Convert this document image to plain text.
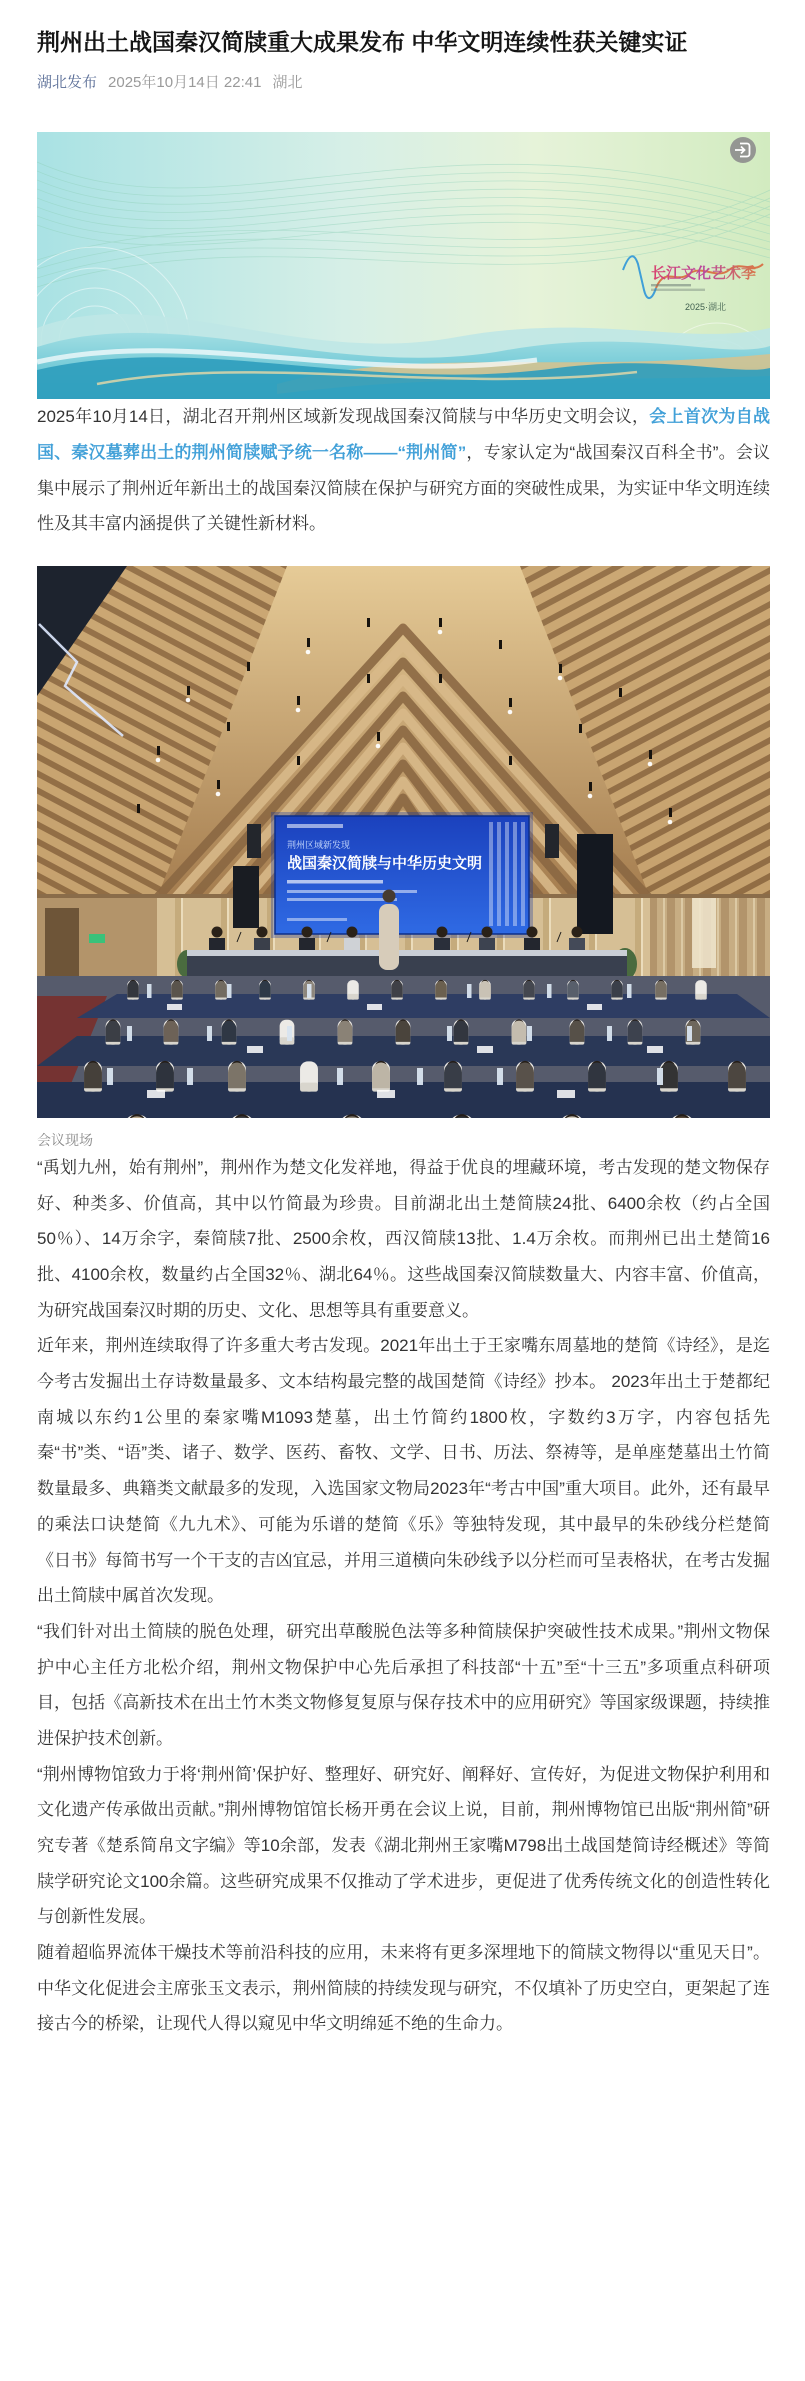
荆州出土战国秦汉简牍重大成果发布 中华文明连续性获关键实证
湖北发布 2025年10月14日 22:41 湖北
长江文化艺术季
2025·湖北

2025年10月14日，湖北召开荆州区域新发现战国秦汉简牍与中华历史文明会议，会上首次为自战国、秦汉墓葬出土的荆州简牍赋予统一名称——“荆州简”，专家认定为“战国秦汉百科全书”。会议集中展示了荆州近年新出土的战国秦汉简牍在保护与研究方面的突破性成果，为实证中华文明连续性及其丰富内涵提供了关键性新材料。

荆州区域新发现
战国秦汉简牍与中华历史文明
会议现场

“禹划九州，始有荆州”，荆州作为楚文化发祥地，得益于优良的埋藏环境，考古发现的楚文物保存好、种类多、价值高，其中以竹简最为珍贵。目前湖北出土楚简牍24批、6400余枚（约占全国50％）、14万余字，秦简牍7批、2500余枚，西汉简牍13批、1.4万余枚。而荆州已出土楚简16批、4100余枚，数量约占全国32％、湖北64％。这些战国秦汉简牍数量大、内容丰富、价值高，为研究战国秦汉时期的历史、文化、思想等具有重要意义。

近年来，荆州连续取得了许多重大考古发现。2021年出土于王家嘴东周墓地的楚简《诗经》，是迄今考古发掘出土存诗数量最多、文本结构最完整的战国楚简《诗经》抄本。 2023年出土于楚都纪南城以东约1公里的秦家嘴M1093楚墓，出土竹简约1800枚，字数约3万字，内容包括先秦“书”类、“语”类、诸子、数学、医药、畜牧、文学、日书、历法、祭祷等，是单座楚墓出土竹简数量最多、典籍类文献最多的发现，入选国家文物局2023年“考古中国”重大项目。此外，还有最早的乘法口诀楚简《九九术》、可能为乐谱的楚简《乐》等独特发现，其中最早的朱砂线分栏楚简《日书》每简书写一个干支的吉凶宜忌，并用三道横向朱砂线予以分栏而可呈表格状，在考古发掘出土简牍中属首次发现。

“我们针对出土简牍的脱色处理，研究出草酸脱色法等多种简牍保护突破性技术成果。”荆州文物保护中心主任方北松介绍，荆州文物保护中心先后承担了科技部“十五”至“十三五”多项重点科研项目，包括《高新技术在出土竹木类文物修复复原与保存技术中的应用研究》等国家级课题，持续推进保护技术创新。

“荆州博物馆致力于将‘荆州简’保护好、整理好、研究好、阐释好、宣传好，为促进文物保护利用和文化遗产传承做出贡献。”荆州博物馆馆长杨开勇在会议上说，目前，荆州博物馆已出版“荆州简”研究专著《楚系简帛文字编》等10余部，发表《湖北荆州王家嘴M798出土战国楚简诗经概述》等简牍学研究论文100余篇。这些研究成果不仅推动了学术进步，更促进了优秀传统文化的创造性转化与创新性发展。

随着超临界流体干燥技术等前沿科技的应用，未来将有更多深埋地下的简牍文物得以“重见天日”。中华文化促进会主席张玉文表示，荆州简牍的持续发现与研究，不仅填补了历史空白，更架起了连接古今的桥梁，让现代人得以窥见中华文明绵延不绝的生命力。
